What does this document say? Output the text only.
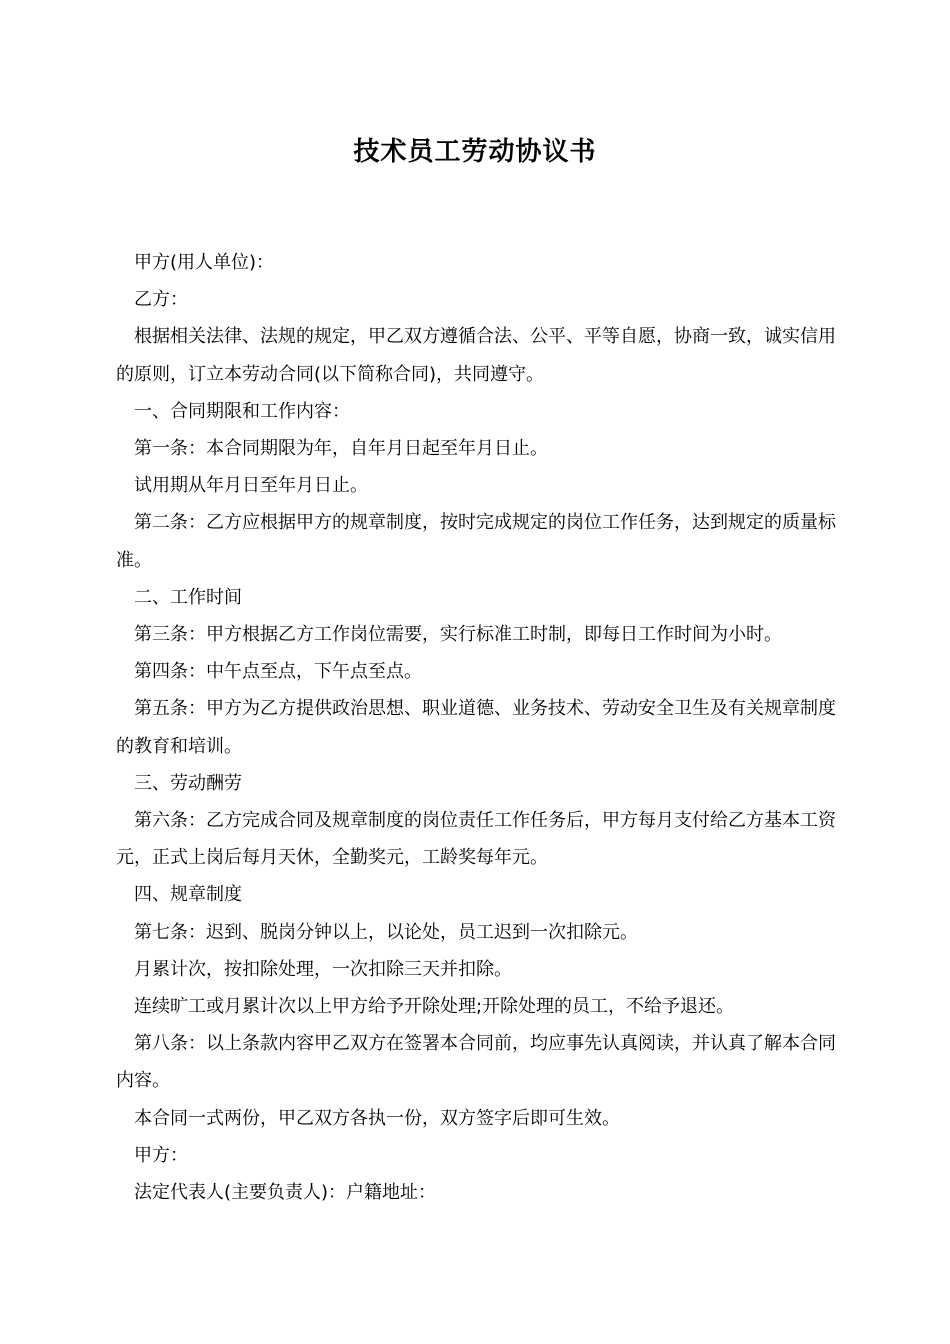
技术员工劳动协议书

甲方(用人单位)：

乙方：

根据相关法律、法规的规定，甲乙双方遵循合法、公平、平等自愿，协商一致，诚实信用的原则，订立本劳动合同(以下简称合同)，共同遵守。

一、合同期限和工作内容：

第一条：本合同期限为年，自年月日起至年月日止。

试用期从年月日至年月日止。

第二条：乙方应根据甲方的规章制度，按时完成规定的岗位工作任务，达到规定的质量标准。

二、工作时间

第三条：甲方根据乙方工作岗位需要，实行标准工时制，即每日工作时间为小时。

第四条：中午点至点，下午点至点。

第五条：甲方为乙方提供政治思想、职业道德、业务技术、劳动安全卫生及有关规章制度的教育和培训。

三、劳动酬劳

第六条：乙方完成合同及规章制度的岗位责任工作任务后，甲方每月支付给乙方基本工资元，正式上岗后每月天休，全勤奖元，工龄奖每年元。

四、规章制度

第七条：迟到、脱岗分钟以上，以论处，员工迟到一次扣除元。

月累计次，按扣除处理，一次扣除三天并扣除。

连续旷工或月累计次以上甲方给予开除处理;开除处理的员工，不给予退还。

第八条：以上条款内容甲乙双方在签署本合同前，均应事先认真阅读，并认真了解本合同内容。

本合同一式两份，甲乙双方各执一份，双方签字后即可生效。

甲方：

法定代表人(主要负责人)：户籍地址：
